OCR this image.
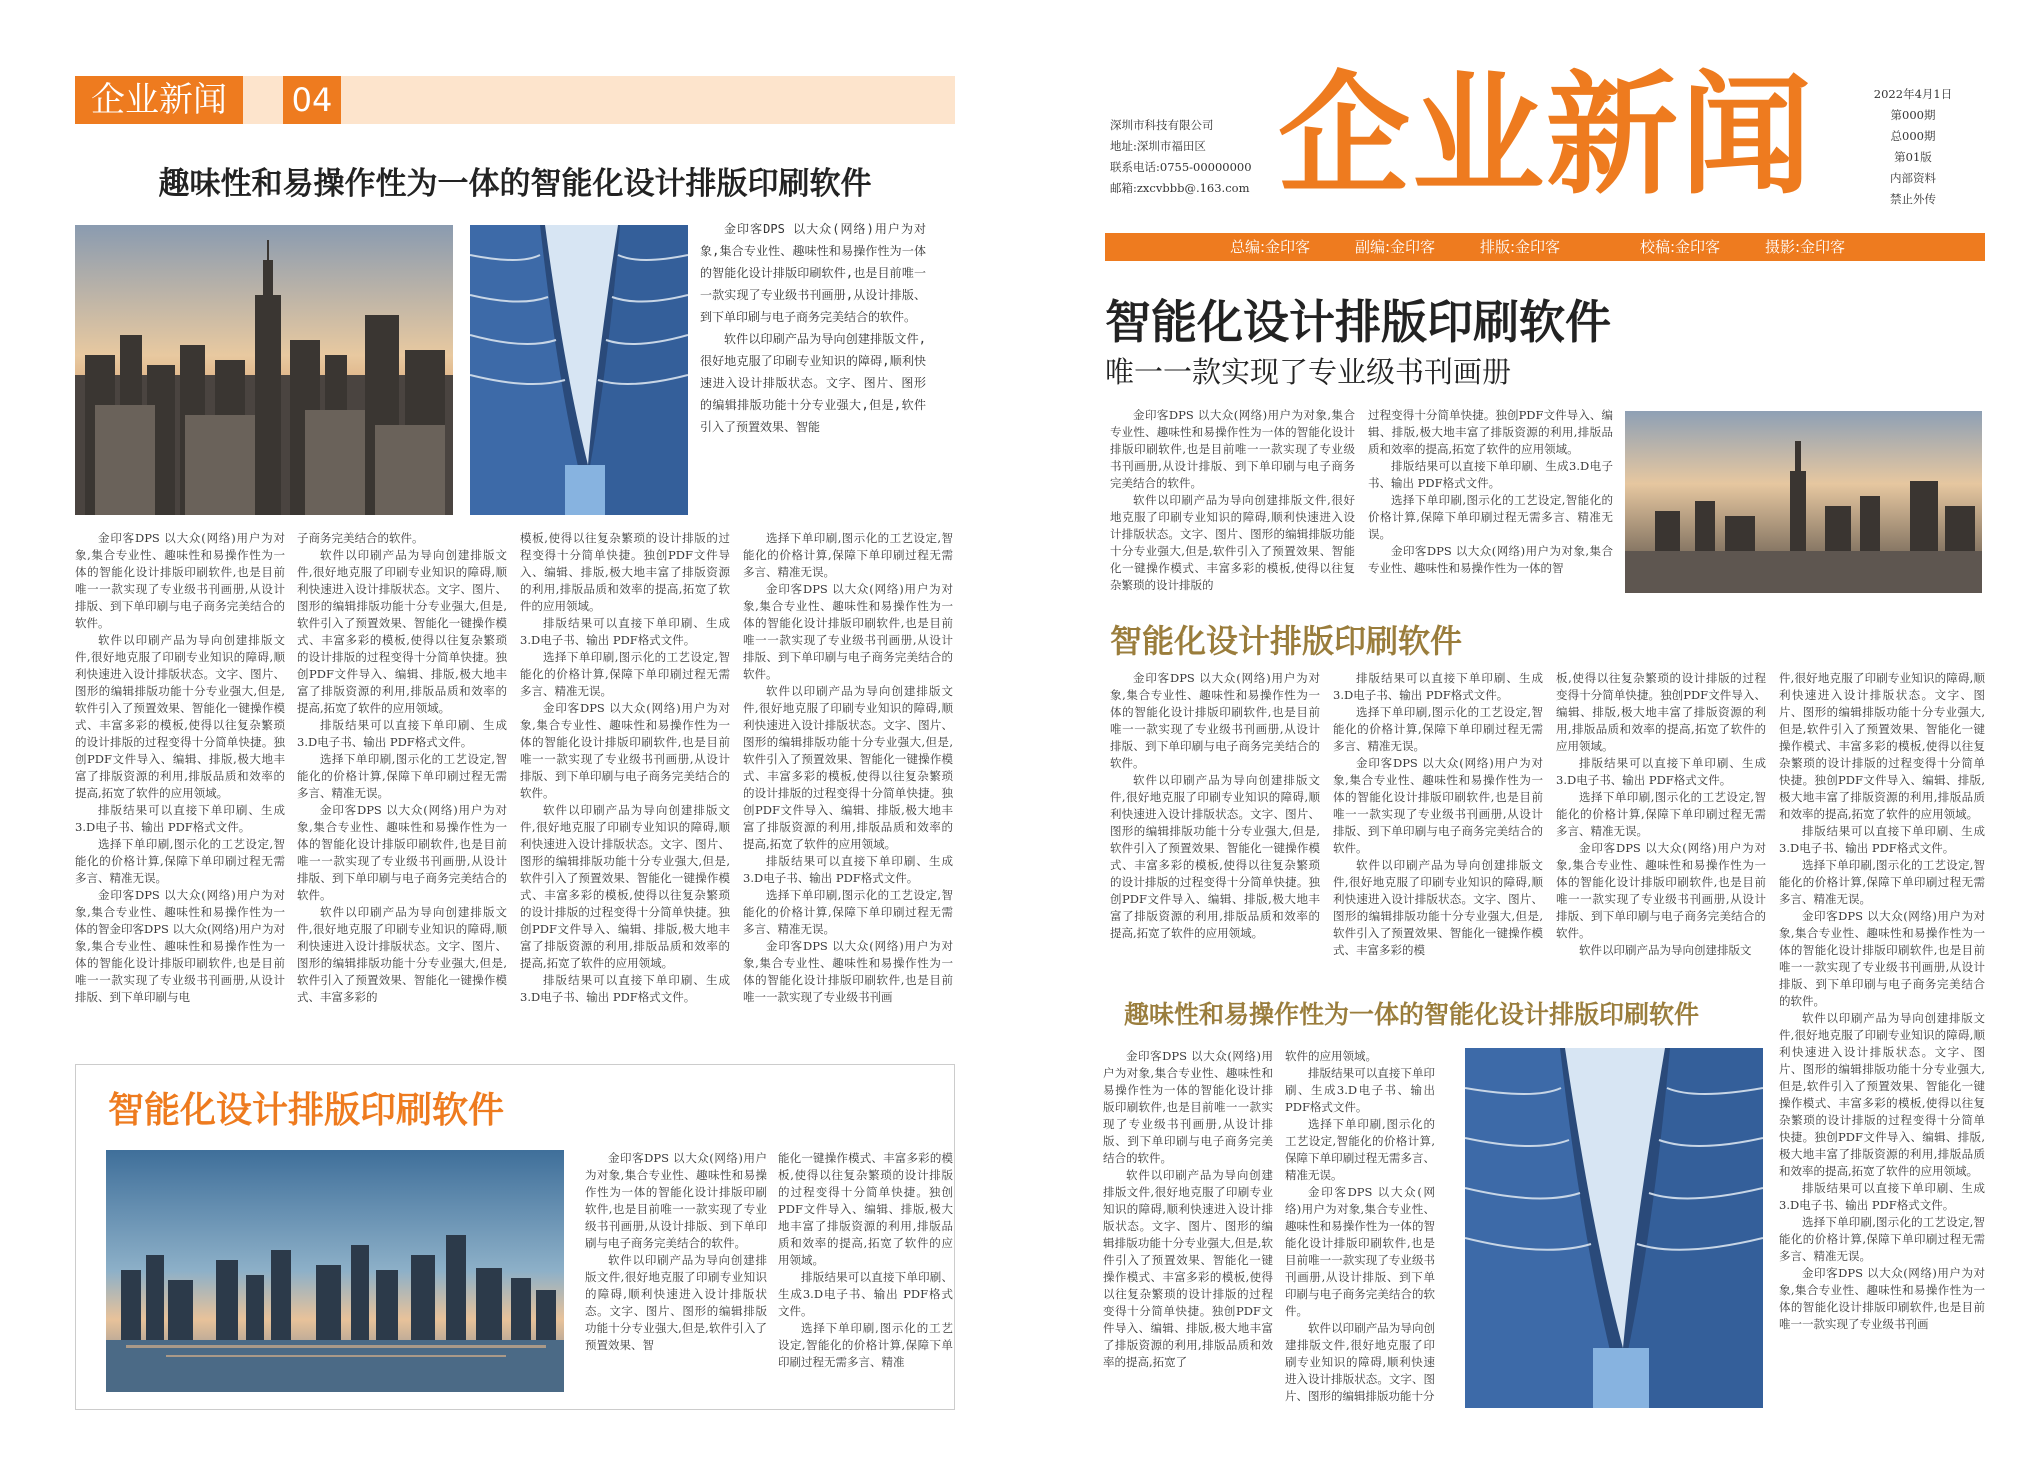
企业新闻	04
趣味性和易操作性为一体的智能化设计排版印刷软件

金印客DPS 以大众(网络)用户为对象,集合专业性、趣味性和易操作性为一体的智能化设计排版印刷软件,也是目前唯一一款实现了专业级书刊画册,从设计排版、到下单印刷与电子商务完美结合的软件。

软件以印刷产品为导向创建排版文件,很好地克服了印刷专业知识的障碍,顺利快速进入设计排版状态。文字、图片、图形的编辑排版功能十分专业强大,但是,软件引入了预置效果、智能

金印客DPS 以大众(网络)用户为对象,集合专业性、趣味性和易操作性为一体的智能化设计排版印刷软件,也是目前唯一一款实现了专业级书刊画册,从设计排版、到下单印刷与电子商务完美结合的软件。

软件以印刷产品为导向创建排版文件,很好地克服了印刷专业知识的障碍,顺利快速进入设计排版状态。文字、图片、图形的编辑排版功能十分专业强大,但是,软件引入了预置效果、智能化一键操作模式、丰富多彩的模板,使得以往复杂繁琐的设计排版的过程变得十分简单快捷。独创PDF文件导入、编辑、排版,极大地丰富了排版资源的利用,排版品质和效率的提高,拓宽了软件的应用领域。

排版结果可以直接下单印刷、生成3.D电子书、输出 PDF格式文件。

选择下单印刷,图示化的工艺设定,智能化的价格计算,保障下单印刷过程无需多言、精准无误。

金印客DPS 以大众(网络)用户为对象,集合专业性、趣味性和易操作性为一体的智金印客DPS 以大众(网络)用户为对象,集合专业性、趣味性和易操作性为一体的智能化设计排版印刷软件,也是目前唯一一款实现了专业级书刊画册,从设计排版、到下单印刷与电

子商务完美结合的软件。

软件以印刷产品为导向创建排版文件,很好地克服了印刷专业知识的障碍,顺利快速进入设计排版状态。文字、图片、图形的编辑排版功能十分专业强大,但是,软件引入了预置效果、智能化一键操作模式、丰富多彩的模板,使得以往复杂繁琐的设计排版的过程变得十分简单快捷。独创PDF文件导入、编辑、排版,极大地丰富了排版资源的利用,排版品质和效率的提高,拓宽了软件的应用领域。

排版结果可以直接下单印刷、生成3.D电子书、输出 PDF格式文件。

选择下单印刷,图示化的工艺设定,智能化的价格计算,保障下单印刷过程无需多言、精准无误。

金印客DPS 以大众(网络)用户为对象,集合专业性、趣味性和易操作性为一体的智能化设计排版印刷软件,也是目前唯一一款实现了专业级书刊画册,从设计排版、到下单印刷与电子商务完美结合的软件。

软件以印刷产品为导向创建排版文件,很好地克服了印刷专业知识的障碍,顺利快速进入设计排版状态。文字、图片、图形的编辑排版功能十分专业强大,但是,软件引入了预置效果、智能化一键操作模式、丰富多彩的

模板,使得以往复杂繁琐的设计排版的过程变得十分简单快捷。独创PDF文件导入、编辑、排版,极大地丰富了排版资源的利用,排版品质和效率的提高,拓宽了软件的应用领域。

排版结果可以直接下单印刷、生成3.D电子书、输出 PDF格式文件。

选择下单印刷,图示化的工艺设定,智能化的价格计算,保障下单印刷过程无需多言、精准无误。

金印客DPS 以大众(网络)用户为对象,集合专业性、趣味性和易操作性为一体的智能化设计排版印刷软件,也是目前唯一一款实现了专业级书刊画册,从设计排版、到下单印刷与电子商务完美结合的软件。

软件以印刷产品为导向创建排版文件,很好地克服了印刷专业知识的障碍,顺利快速进入设计排版状态。文字、图片、图形的编辑排版功能十分专业强大,但是,软件引入了预置效果、智能化一键操作模式、丰富多彩的模板,使得以往复杂繁琐的设计排版的过程变得十分简单快捷。独创PDF文件导入、编辑、排版,极大地丰富了排版资源的利用,排版品质和效率的提高,拓宽了软件的应用领域。

排版结果可以直接下单印刷、生成3.D电子书、输出 PDF格式文件。

选择下单印刷,图示化的工艺设定,智能化的价格计算,保障下单印刷过程无需多言、精准无误。

金印客DPS 以大众(网络)用户为对象,集合专业性、趣味性和易操作性为一体的智能化设计排版印刷软件,也是目前唯一一款实现了专业级书刊画册,从设计排版、到下单印刷与电子商务完美结合的软件。

软件以印刷产品为导向创建排版文件,很好地克服了印刷专业知识的障碍,顺利快速进入设计排版状态。文字、图片、图形的编辑排版功能十分专业强大,但是,软件引入了预置效果、智能化一键操作模式、丰富多彩的模板,使得以往复杂繁琐的设计排版的过程变得十分简单快捷。独创PDF文件导入、编辑、排版,极大地丰富了排版资源的利用,排版品质和效率的提高,拓宽了软件的应用领域。

排版结果可以直接下单印刷、生成3.D电子书、输出 PDF格式文件。

选择下单印刷,图示化的工艺设定,智能化的价格计算,保障下单印刷过程无需多言、精准无误。

金印客DPS 以大众(网络)用户为对象,集合专业性、趣味性和易操作性为一体的智能化设计排版印刷软件,也是目前唯一一款实现了专业级书刊画

智能化设计排版印刷软件

金印客DPS 以大众(网络)用户为对象,集合专业性、趣味性和易操作性为一体的智能化设计排版印刷软件,也是目前唯一一款实现了专业级书刊画册,从设计排版、到下单印刷与电子商务完美结合的软件。

软件以印刷产品为导向创建排版文件,很好地克服了印刷专业知识的障碍,顺利快速进入设计排版状态。文字、图片、图形的编辑排版功能十分专业强大,但是,软件引入了预置效果、智

能化一键操作模式、丰富多彩的模板,使得以往复杂繁琐的设计排版的过程变得十分简单快捷。独创PDF文件导入、编辑、排版,极大地丰富了排版资源的利用,排版品质和效率的提高,拓宽了软件的应用领域。

排版结果可以直接下单印刷、生成3.D电子书、输出 PDF格式文件。

选择下单印刷,图示化的工艺设定,智能化的价格计算,保障下单印刷过程无需多言、精准

深圳市科技有限公司
地址:深圳市福田区
联系电话:0755-00000000
邮箱:zxcvbbb@.163.com 企业新闻	2022年4月1日
第000期
总000期
第01版
内部资料
禁止外传
总编:金印客	副编:金印客	排版:金印客	校稿:金印客	摄影:金印客
智能化设计排版印刷软件
唯一一款实现了专业级书刊画册

金印客DPS 以大众(网络)用户为对象,集合专业性、趣味性和易操作性为一体的智能化设计排版印刷软件,也是目前唯一一款实现了专业级书刊画册,从设计排版、到下单印刷与电子商务完美结合的软件。

软件以印刷产品为导向创建排版文件,很好地克服了印刷专业知识的障碍,顺利快速进入设计排版状态。文字、图片、图形的编辑排版功能十分专业强大,但是,软件引入了预置效果、智能化一键操作模式、丰富多彩的模板,使得以往复杂繁琐的设计排版的

过程变得十分简单快捷。独创PDF文件导入、编辑、排版,极大地丰富了排版资源的利用,排版品质和效率的提高,拓宽了软件的应用领域。

排版结果可以直接下单印刷、生成3.D电子书、输出 PDF格式文件。

选择下单印刷,图示化的工艺设定,智能化的价格计算,保障下单印刷过程无需多言、精准无误。

金印客DPS 以大众(网络)用户为对象,集合专业性、趣味性和易操作性为一体的智

智能化设计排版印刷软件

金印客DPS 以大众(网络)用户为对象,集合专业性、趣味性和易操作性为一体的智能化设计排版印刷软件,也是目前唯一一款实现了专业级书刊画册,从设计排版、到下单印刷与电子商务完美结合的软件。

软件以印刷产品为导向创建排版文件,很好地克服了印刷专业知识的障碍,顺利快速进入设计排版状态。文字、图片、图形的编辑排版功能十分专业强大,但是,软件引入了预置效果、智能化一键操作模式、丰富多彩的模板,使得以往复杂繁琐的设计排版的过程变得十分简单快捷。独创PDF文件导入、编辑、排版,极大地丰富了排版资源的利用,排版品质和效率的提高,拓宽了软件的应用领域。

排版结果可以直接下单印刷、生成3.D电子书、输出 PDF格式文件。

选择下单印刷,图示化的工艺设定,智能化的价格计算,保障下单印刷过程无需多言、精准无误。

金印客DPS 以大众(网络)用户为对象,集合专业性、趣味性和易操作性为一体的智能化设计排版印刷软件,也是目前唯一一款实现了专业级书刊画册,从设计排版、到下单印刷与电子商务完美结合的软件。

软件以印刷产品为导向创建排版文件,很好地克服了印刷专业知识的障碍,顺利快速进入设计排版状态。文字、图片、图形的编辑排版功能十分专业强大,但是,软件引入了预置效果、智能化一键操作模式、丰富多彩的模

板,使得以往复杂繁琐的设计排版的过程变得十分简单快捷。独创PDF文件导入、编辑、排版,极大地丰富了排版资源的利用,排版品质和效率的提高,拓宽了软件的应用领域。

排版结果可以直接下单印刷、生成3.D电子书、输出 PDF格式文件。

选择下单印刷,图示化的工艺设定,智能化的价格计算,保障下单印刷过程无需多言、精准无误。

金印客DPS 以大众(网络)用户为对象,集合专业性、趣味性和易操作性为一体的智能化设计排版印刷软件,也是目前唯一一款实现了专业级书刊画册,从设计排版、到下单印刷与电子商务完美结合的软件。

软件以印刷产品为导向创建排版文

件,很好地克服了印刷专业知识的障碍,顺利快速进入设计排版状态。文字、图片、图形的编辑排版功能十分专业强大,但是,软件引入了预置效果、智能化一键操作模式、丰富多彩的模板,使得以往复杂繁琐的设计排版的过程变得十分简单快捷。独创PDF文件导入、编辑、排版,极大地丰富了排版资源的利用,排版品质和效率的提高,拓宽了软件的应用领域。

排版结果可以直接下单印刷、生成3.D电子书、输出 PDF格式文件。

选择下单印刷,图示化的工艺设定,智能化的价格计算,保障下单印刷过程无需多言、精准无误。

金印客DPS 以大众(网络)用户为对象,集合专业性、趣味性和易操作性为一体的智能化设计排版印刷软件,也是目前唯一一款实现了专业级书刊画册,从设计排版、到下单印刷与电子商务完美结合的软件。

软件以印刷产品为导向创建排版文件,很好地克服了印刷专业知识的障碍,顺利快速进入设计排版状态。文字、图片、图形的编辑排版功能十分专业强大,但是,软件引入了预置效果、智能化一键操作模式、丰富多彩的模板,使得以往复杂繁琐的设计排版的过程变得十分简单快捷。独创PDF文件导入、编辑、排版,极大地丰富了排版资源的利用,排版品质和效率的提高,拓宽了软件的应用领域。

排版结果可以直接下单印刷、生成3.D电子书、输出 PDF格式文件。

选择下单印刷,图示化的工艺设定,智能化的价格计算,保障下单印刷过程无需多言、精准无误。

金印客DPS 以大众(网络)用户为对象,集合专业性、趣味性和易操作性为一体的智能化设计排版印刷软件,也是目前唯一一款实现了专业级书刊画

趣味性和易操作性为一体的智能化设计排版印刷软件

金印客DPS 以大众(网络)用户为对象,集合专业性、趣味性和易操作性为一体的智能化设计排版印刷软件,也是目前唯一一款实现了专业级书刊画册,从设计排版、到下单印刷与电子商务完美结合的软件。

软件以印刷产品为导向创建排版文件,很好地克服了印刷专业知识的障碍,顺利快速进入设计排版状态。文字、图片、图形的编辑排版功能十分专业强大,但是,软件引入了预置效果、智能化一键操作模式、丰富多彩的模板,使得以往复杂繁琐的设计排版的过程变得十分简单快捷。独创PDF文件导入、编辑、排版,极大地丰富了排版资源的利用,排版品质和效率的提高,拓宽了

软件的应用领域。

排版结果可以直接下单印刷、生成3.D电子书、输出 PDF格式文件。

选择下单印刷,图示化的工艺设定,智能化的价格计算,保障下单印刷过程无需多言、精准无误。

金印客DPS 以大众(网络)用户为对象,集合专业性、趣味性和易操作性为一体的智能化设计排版印刷软件,也是目前唯一一款实现了专业级书刊画册,从设计排版、到下单印刷与电子商务完美结合的软件。

软件以印刷产品为导向创建排版文件,很好地克服了印刷专业知识的障碍,顺利快速进入设计排版状态。文字、图片、图形的编辑排版功能十分
